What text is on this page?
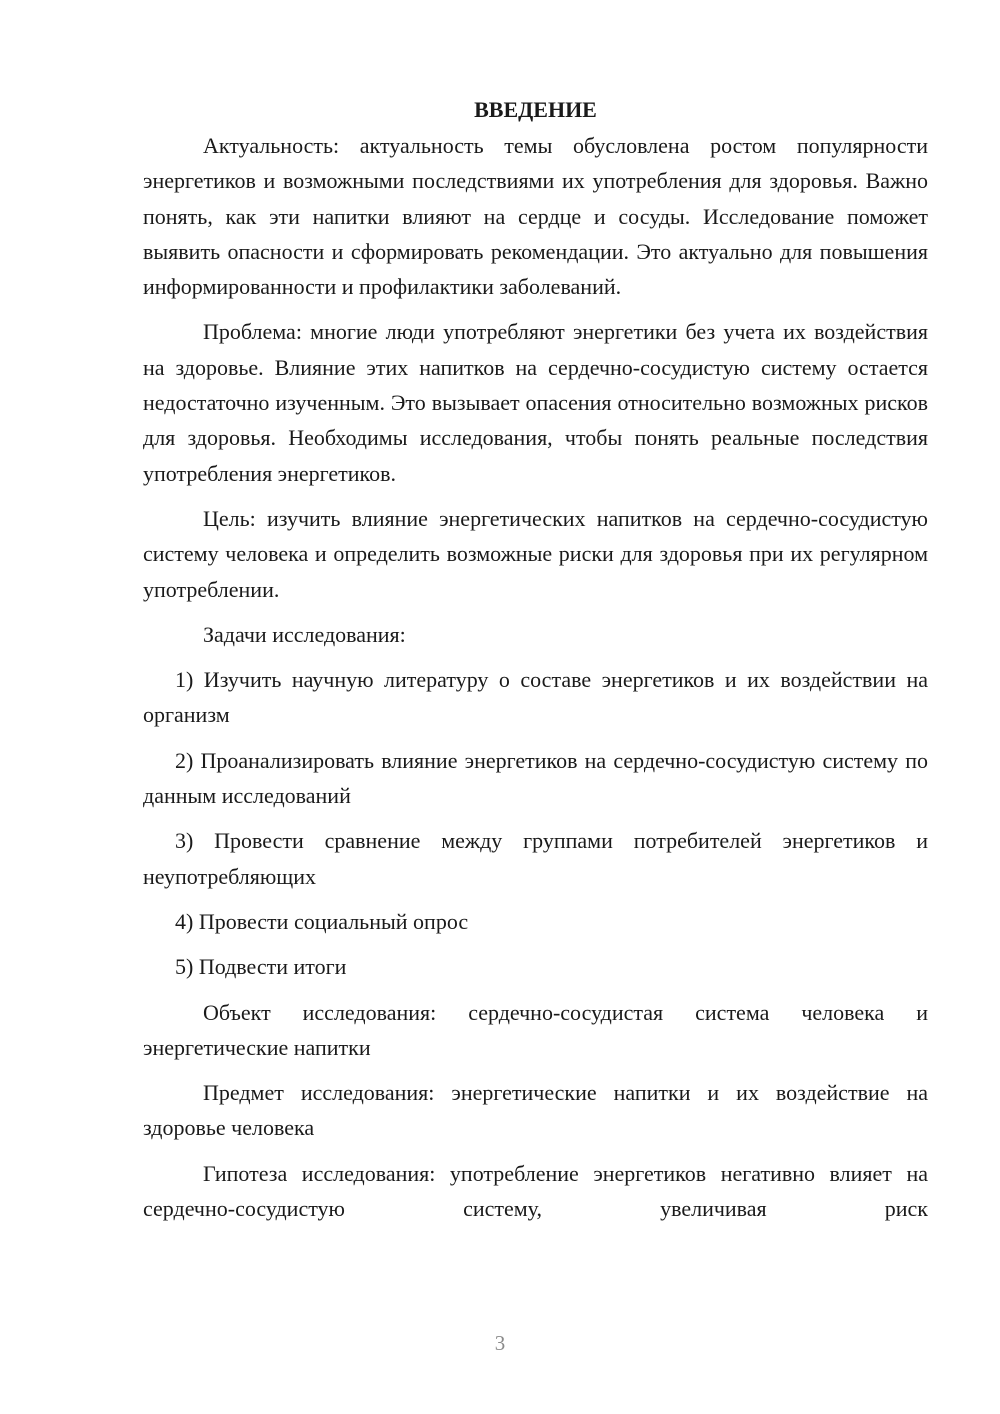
ВВЕДЕНИЕ

Актуальность: актуальность темы обусловлена ростом популярности энергетиков и возможными последствиями их употребления для здоровья. Важно понять, как эти напитки влияют на сердце и сосуды. Исследование поможет выявить опасности и сформировать рекомендации. Это актуально для повышения информированности и профилактики заболеваний.

Проблема: многие люди употребляют энергетики без учета их воздействия на здоровье. Влияние этих напитков на сердечно-сосудистую систему остается недостаточно изученным. Это вызывает опасения относительно возможных рисков для здоровья. Необходимы исследования, чтобы понять реальные последствия употребления энергетиков.

Цель: изучить влияние энергетических напитков на сердечно-сосудистую систему человека и определить возможные риски для здоровья при их регулярном употреблении.

Задачи исследования:

1) Изучить научную литературу о составе энергетиков и их воздействии на организм

2) Проанализировать влияние энергетиков на сердечно-сосудистую систему по данным исследований

3) Провести сравнение между группами потребителей энергетиков и неупотребляющих

4) Провести социальный опрос

5) Подвести итоги

Объект исследования: сердечно-сосудистая система человека и энергетические напитки

Предмет исследования: энергетические напитки и их воздействие на здоровье человека

Гипотеза исследования: употребление энергетиков негативно влияет на сердечно-сосудистую систему, увеличивая риск

3
